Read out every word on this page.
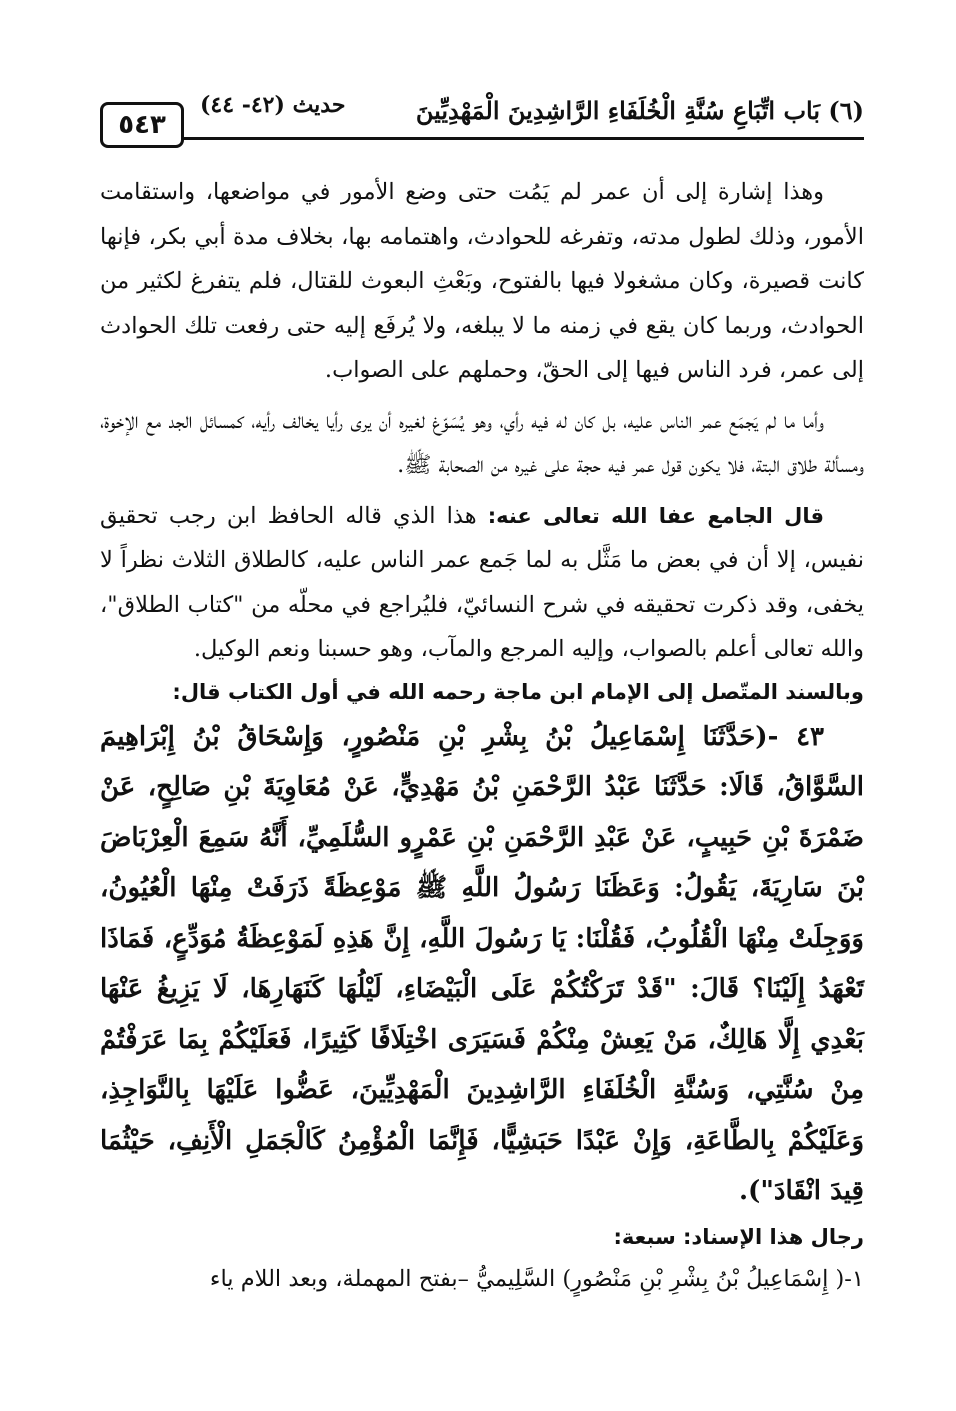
٥٤٣
حديث (٤٢- ٤٤)	(٦) بَاب اتِّبَاعِ سُنَّةِ الْخُلَفَاءِ الرَّاشِدِينَ الْمَهْدِيِّينَ

وهذا إشارة إلى أن عمر لم يَمُت حتى وضع الأمور في مواضعها، واستقامت الأمور، وذلك لطول مدته، وتفرغه للحوادث، واهتمامه بها، بخلاف مدة أبي بكر، فإنها كانت قصيرة، وكان مشغولا فيها بالفتوح، وبَعْثِ البعوث للقتال، فلم يتفرغ لكثير من الحوادث، وربما كان يقع في زمنه ما لا يبلغه، ولا يُرفَع إليه حتى رفعت تلك الحوادث إلى عمر، فرد الناس فيها إلى الحقّ، وحملهم على الصواب.

وأما ما لم يَجمَع عمر الناس عليه، بل كان له فيه رأي، وهو يُسَوّغ لغيره أن يرى رأيا يخالف رأيه، كمسائل الجد مع الإخوة، ومسألة طلاق البتة، فلا يكون قول عمر فيه حجة على غيره من الصحابة ﷺ.

قال الجامع عفا الله تعالى عنه: هذا الذي قاله الحافظ ابن رجب تحقيق نفيس، إلا أن في بعض ما مَثَّل به لما جَمع عمر الناس عليه، كالطلاق الثلاث نظراً لا يخفى، وقد ذكرت تحقيقه في شرح النسائيّ، فليُراجع في محلّه من "كتاب الطلاق"، والله تعالى أعلم بالصواب، وإليه المرجع والمآب، وهو حسبنا ونعم الوكيل.

وبالسند المتّصل إلى الإمام ابن ماجة رحمه الله في أول الكتاب قال:

٤٣ -(حَدَّثَنَا إِسْمَاعِيلُ بْنُ بِشْرِ بْنِ مَنْصُورٍ، وَإِسْحَاقُ بْنُ إِبْرَاهِيمَ السَّوَّاقُ، قَالَا: حَدَّثَنَا عَبْدُ الرَّحْمَنِ بْنُ مَهْدِيٍّ، عَنْ مُعَاوِيَةَ بْنِ صَالِحٍ، عَنْ ضَمْرَةَ بْنِ حَبِيبٍ، عَنْ عَبْدِ الرَّحْمَنِ بْنِ عَمْرٍو السُّلَمِيِّ، أَنَّهُ سَمِعَ الْعِرْبَاضَ بْنَ سَارِيَةَ، يَقُولُ: وَعَظَنَا رَسُولُ اللَّهِ ﷺ مَوْعِظَةً ذَرَفَتْ مِنْهَا الْعُيُونُ، وَوَجِلَتْ مِنْهَا الْقُلُوبُ، فَقُلْنَا: يَا رَسُولَ اللَّهِ، إِنَّ هَذِهِ لَمَوْعِظَةُ مُوَدِّعٍ، فَمَاذَا تَعْهَدُ إِلَيْنَا؟ قَالَ: "قَدْ تَرَكْتُكُمْ عَلَى الْبَيْضَاءِ، لَيْلُهَا كَنَهَارِهَا، لَا يَزِيغُ عَنْهَا بَعْدِي إِلَّا هَالِكٌ، مَنْ يَعِشْ مِنْكُمْ فَسَيَرَى اخْتِلَافًا كَثِيرًا، فَعَلَيْكُمْ بِمَا عَرَفْتُمْ مِنْ سُنَّتِي، وَسُنَّةِ الْخُلَفَاءِ الرَّاشِدِينَ الْمَهْدِيِّينَ، عَضُّوا عَلَيْهَا بِالنَّوَاجِذِ، وَعَلَيْكُمْ بِالطَّاعَةِ، وَإِنْ عَبْدًا حَبَشِيًّا، فَإِنَّمَا الْمُؤْمِنُ كَالْجَمَلِ الْأَنِفِ، حَيْثُمَا قِيدَ انْقَادَ").

رجال هذا الإسناد: سبعة:

١-( إِسْمَاعِيلُ بْنُ بِشْرِ بْنِ مَنْصُورٍ) السَّلِيميُّ –بفتح المهملة، وبعد اللام ياء
